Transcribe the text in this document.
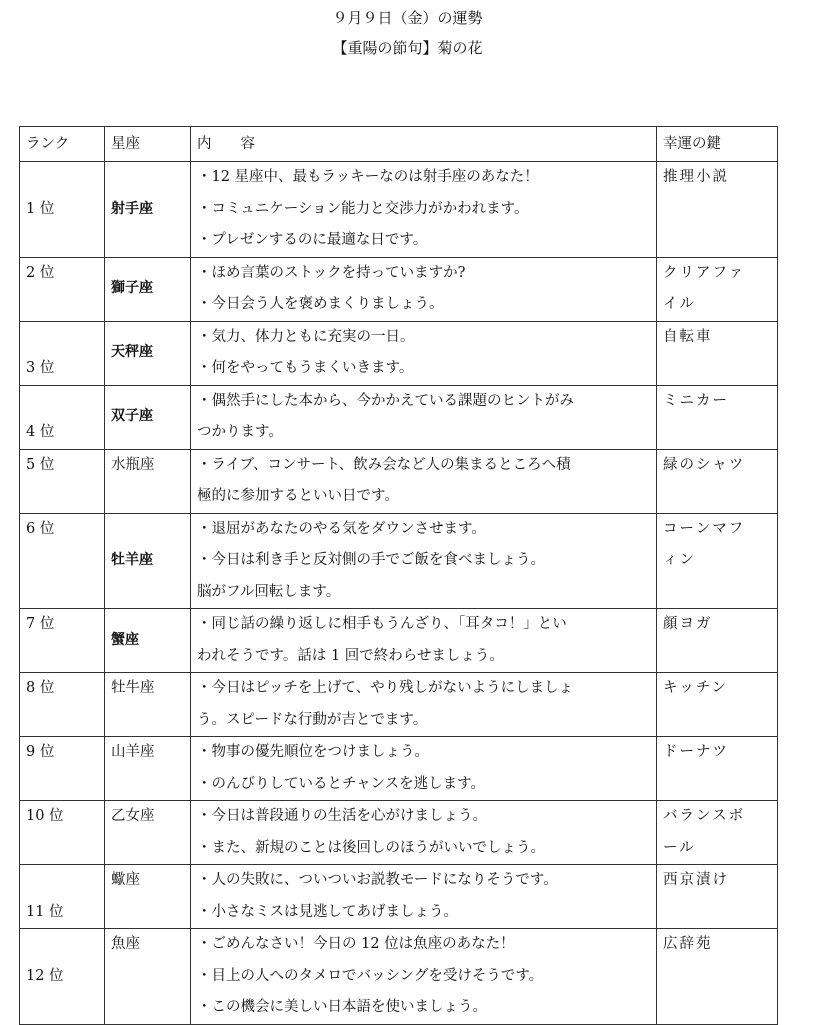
９月９日（金）の運勢
【重陽の節句】菊の花
ランク	星座	内　　容	幸運の鍵
1 位	射手座	・12 星座中、最もラッキーなのは射手座のあなた！
・コミュニケーション能力と交渉力がかわれます。
・プレゼンするのに最適な日です。	推理小説

2 位	獅子座	・ほめ言葉のストックを持っていますか?
・今日会う人を褒めまくりましょう。	クリアファ
イル

3 位	天秤座	・気力、体力ともに充実の一日。
・何をやってもうまくいきます。	自転車

4 位	双子座	・偶然手にした本から、今かかえている課題のヒントがみ
つかります。	ミニカー

5 位	水瓶座	・ライブ、コンサート、飲み会など人の集まるところへ積
極的に参加するといい日です。	緑のシャツ

6 位	牡羊座	・退屈があなたのやる気をダウンさせます。
・今日は利き手と反対側の手でご飯を食べましょう。
脳がフル回転します。	コーンマフ
ィン

7 位	蟹座	・同じ話の繰り返しに相手もうんざり、「耳タコ！」とい
われそうです。話は 1 回で終わらせましょう。	顔ヨガ

8 位	牡牛座	・今日はピッチを上げて、やり残しがないようにしましょ
う。スピードな行動が吉とでます。	キッチン

9 位	山羊座	・物事の優先順位をつけましょう。
・のんびりしているとチャンスを逃します。	ドーナツ

10 位	乙女座	・今日は普段通りの生活を心がけましょう。
・また、新規のことは後回しのほうがいいでしょう。	バランスボ
ール

11 位	蠍座	・人の失敗に、ついついお説教モードになりそうです。
・小さなミスは見逃してあげましょう。	西京漬け

12 位	魚座	・ごめんなさい！今日の 12 位は魚座のあなた！
・目上の人へのタメロでバッシングを受けそうです。
・この機会に美しい日本語を使いましょう。	広辞苑
